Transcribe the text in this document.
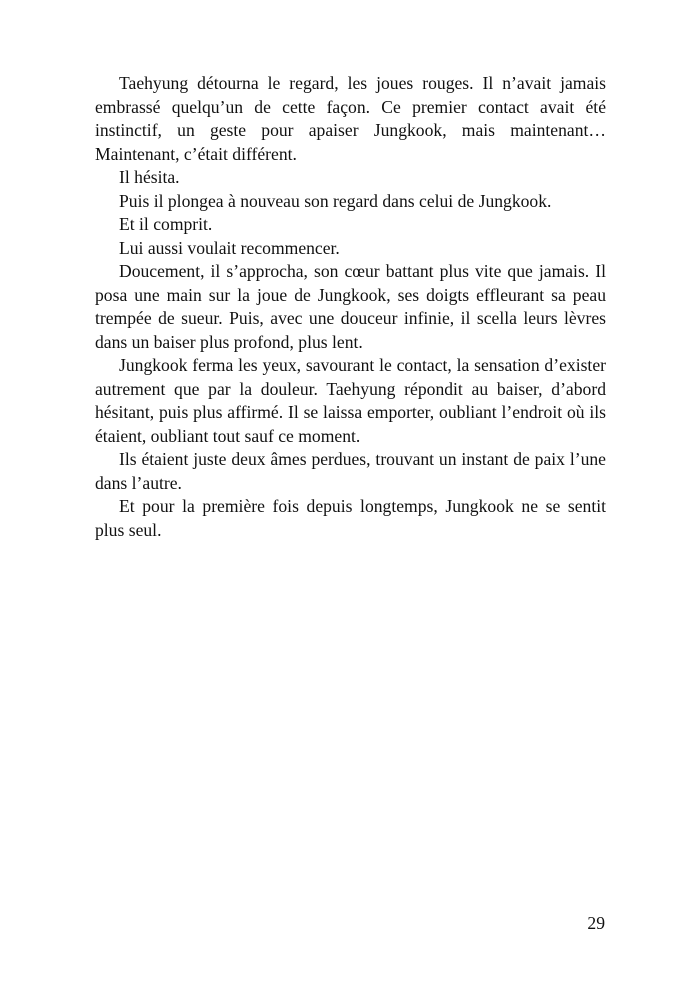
Taehyung détourna le regard, les joues rouges. Il n’avait jamais embrassé quelqu’un de cette façon. Ce premier contact avait été instinctif, un geste pour apaiser Jungkook, mais maintenant… Maintenant, c’était différent.

Il hésita.

Puis il plongea à nouveau son regard dans celui de Jungkook.

Et il comprit.

Lui aussi voulait recommencer.

Doucement, il s’approcha, son cœur battant plus vite que jamais. Il posa une main sur la joue de Jungkook, ses doigts effleurant sa peau trempée de sueur. Puis, avec une douceur infinie, il scella leurs lèvres dans un baiser plus profond, plus lent.

Jungkook ferma les yeux, savourant le contact, la sensation d’exister autrement que par la douleur. Taehyung répondit au baiser, d’abord hésitant, puis plus affirmé. Il se laissa emporter, oubliant l’endroit où ils étaient, oubliant tout sauf ce moment.

Ils étaient juste deux âmes perdues, trouvant un instant de paix l’une dans l’autre.

Et pour la première fois depuis longtemps, Jungkook ne se sentit plus seul.

29
